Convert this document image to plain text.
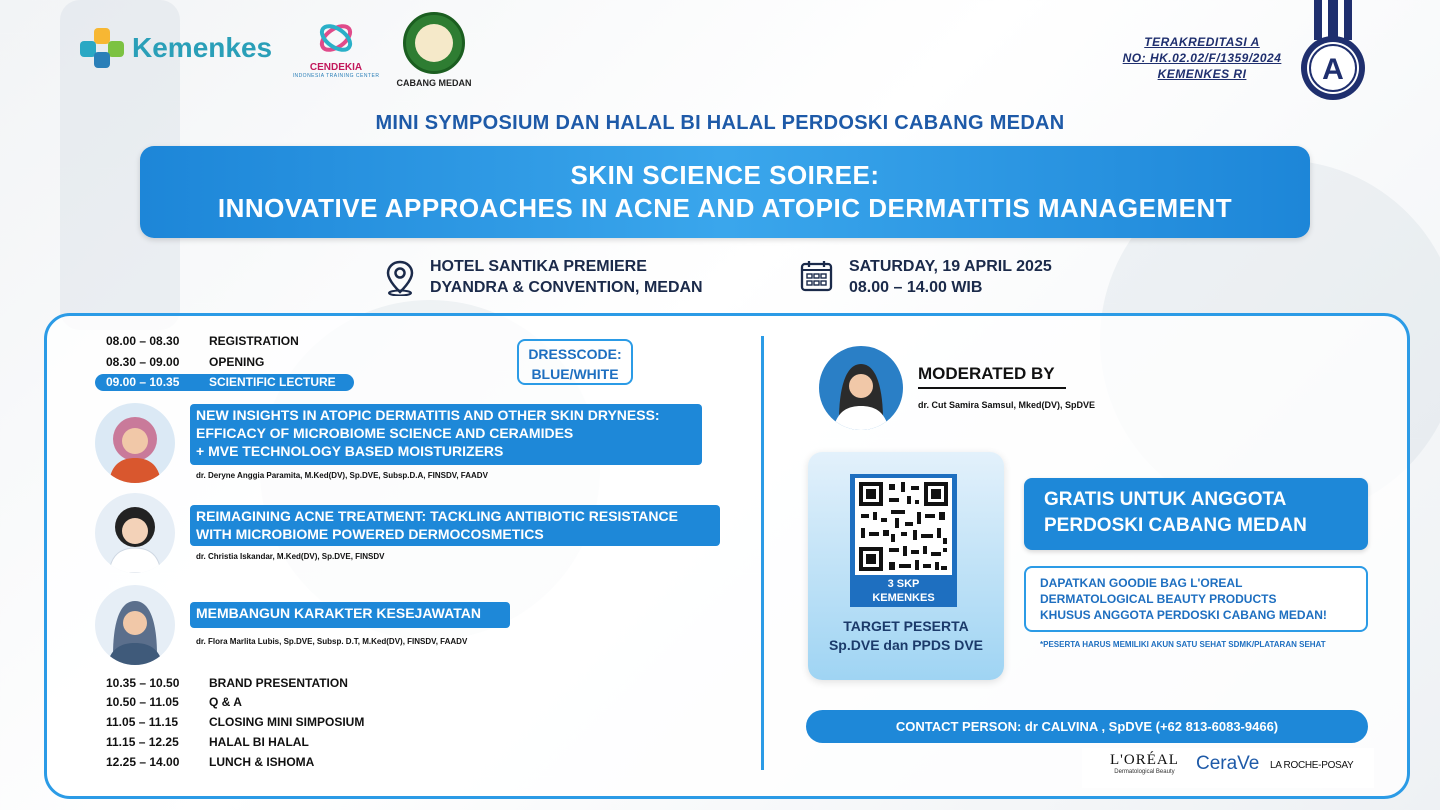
Kemenkes
CENDEKIA
INDONESIA TRAINING CENTER
CABANG MEDAN
TERAKREDITASI A
NO: HK.02.02/F/1359/2024
KEMENKES RI	A
MINI SYMPOSIUM DAN HALAL BI HALAL PERDOSKI CABANG MEDAN
SKIN SCIENCE SOIREE:
INNOVATIVE APPROACHES IN ACNE AND ATOPIC DERMATITIS MANAGEMENT
HOTEL SANTIKA PREMIERE
DYANDRA & CONVENTION, MEDAN
SATURDAY, 19 APRIL 2025
08.00 – 14.00 WIB
08.00 – 08.30	REGISTRATION
08.30 – 09.00	OPENING
09.00 – 10.35	SCIENTIFIC LECTURE
DRESSCODE:
BLUE/WHITE
NEW INSIGHTS IN ATOPIC DERMATITIS AND OTHER SKIN DRYNESS:
EFFICACY OF MICROBIOME SCIENCE AND CERAMIDES
+ MVE TECHNOLOGY BASED MOISTURIZERS
dr. Deryne Anggia Paramita, M.Ked(DV), Sp.DVE, Subsp.D.A, FINSDV, FAADV
REIMAGINING ACNE TREATMENT: TACKLING ANTIBIOTIC RESISTANCE
WITH MICROBIOME POWERED DERMOCOSMETICS
dr. Christia Iskandar, M.Ked(DV), Sp.DVE, FINSDV
MEMBANGUN KARAKTER KESEJAWATAN
dr. Flora Marlita Lubis, Sp.DVE, Subsp. D.T, M.Ked(DV), FINSDV, FAADV
10.35 – 10.50	BRAND PRESENTATION
10.50 – 11.05	Q & A
11.05 – 11.15	CLOSING MINI SIMPOSIUM
11.15 – 12.25	HALAL BI HALAL
12.25 – 14.00	LUNCH & ISHOMA
MODERATED BY
dr. Cut Samira Samsul, Mked(DV), SpDVE
3 SKP
KEMENKES
TARGET PESERTA
Sp.DVE dan PPDS DVE
GRATIS UNTUK ANGGOTA
PERDOSKI CABANG MEDAN
DAPATKAN GOODIE BAG L'OREAL
DERMATOLOGICAL BEAUTY PRODUCTS
KHUSUS ANGGOTA PERDOSKI CABANG MEDAN!
*PESERTA HARUS MEMILIKI AKUN SATU SEHAT SDMK/PLATARAN SEHAT
CONTACT PERSON: dr CALVINA , SpDVE (+62 813-6083-9466)
L'ORÉAL
Dermatological Beauty CeraVe LA ROCHE-POSAY
